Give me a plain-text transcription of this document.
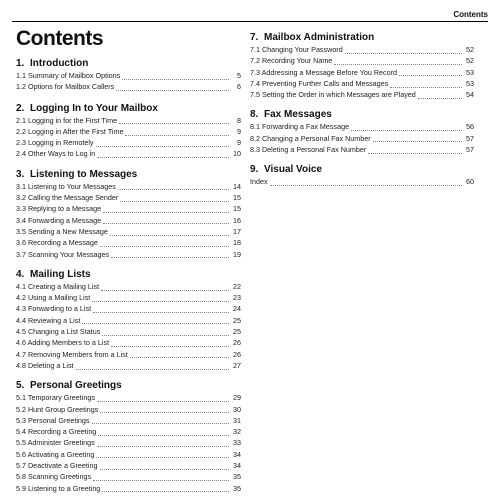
Contents
Contents
1. Introduction
1.1 Summary of Mailbox Options	5
1.2 Options for Mailbox Callers	6
2. Logging In to Your Mailbox
2.1 Logging in for the First Time	8
2.2 Logging in After the First Time	9
2.3 Logging in Remotely	9
2.4 Other Ways to Log in	10
3. Listening to Messages
3.1 Listening to Your Messages	14
3.2 Calling the Message Sender	15
3.3 Replying to a Message	15
3.4 Forwarding a Message	16
3.5 Sending a New Message	17
3.6 Recording a Message	18
3.7 Scanning Your Messages	19
4. Mailing Lists
4.1 Creating a Mailing List	22
4.2 Using a Mailing List	23
4.3 Forwarding to a List	24
4.4 Reviewing a List	25
4.5 Changing a List Status	25
4.6 Adding Members to a List	26
4.7 Removing Members from a List	26
4.8 Deleting a List	27
5. Personal Greetings
5.1 Temporary Greetings	29
5.2 Hunt Group Greetings	30
5.3 Personal Greetings	31
5.4 Recording a Greeting	32
5.5 Administer Greetings	33
5.6 Activating a Greeting	34
5.7 Deactivate a Greeting	34
5.8 Scanning Greetings	35
5.9 Listening to a Greeting	35
7. Mailbox Administration
7.1 Changing Your Password	52
7.2 Recording Your Name	52
7.3 Addressing a Message Before You Record	53
7.4 Preventing Further Calls and Messages	53
7.5 Setting the Order in which Messages are Played	54
8. Fax Messages
8.1 Forwarding a Fax Message	56
8.2 Changing a Personal Fax Number	57
8.3 Deleting a Personal Fax Number	57
9. Visual Voice
Index	60
